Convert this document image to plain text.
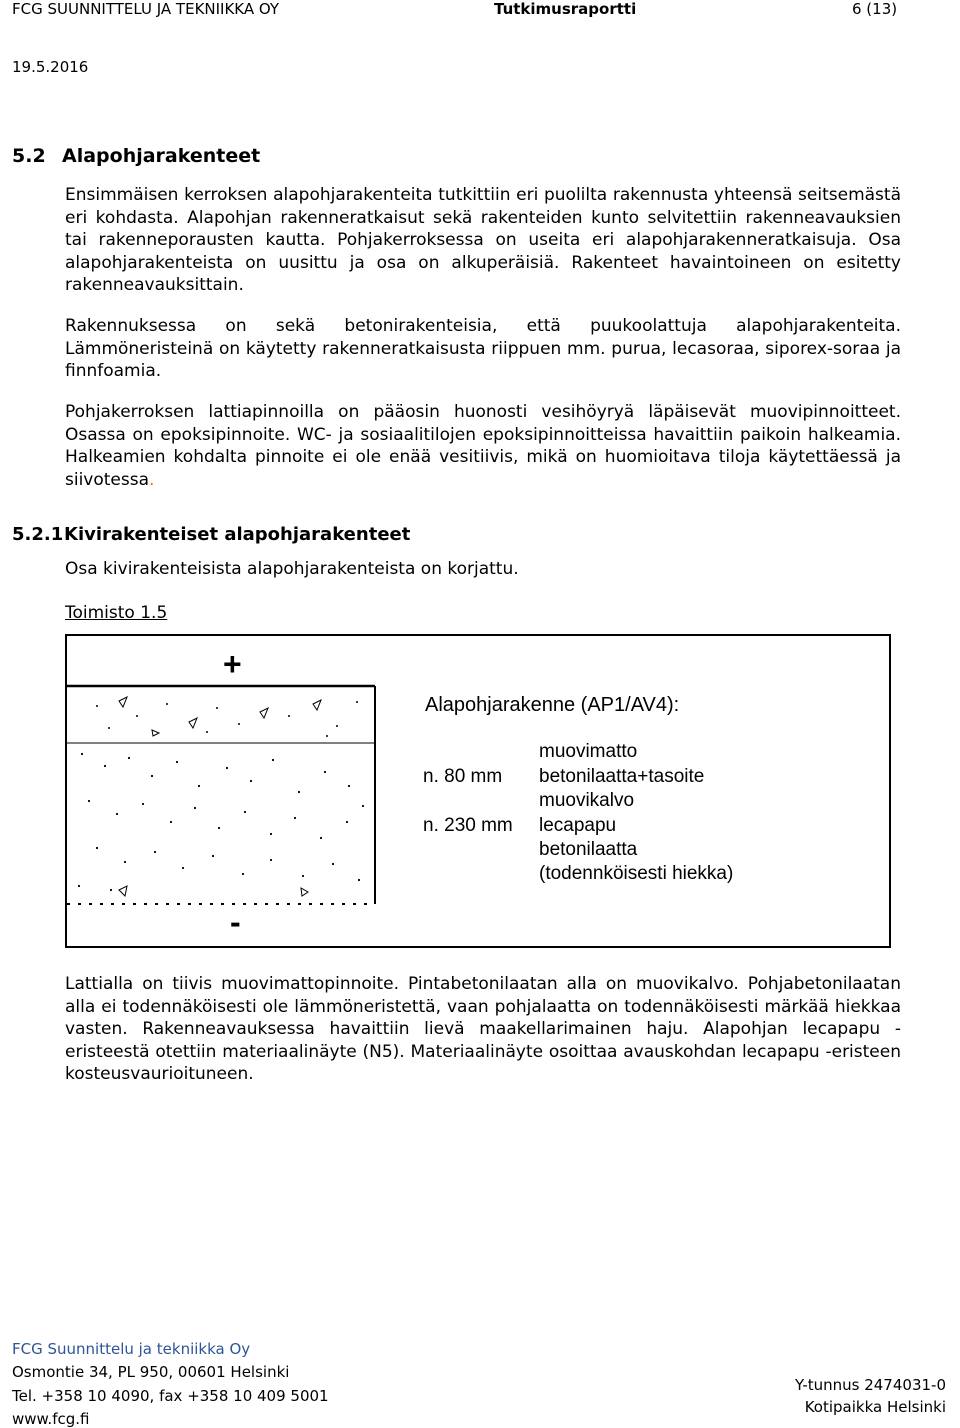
FCG SUUNNITTELU JA TEKNIIKKA OY	Tutkimusraportti	6 (13)
19.5.2016
5.2 Alapohjarakenteet

Ensimmäisen kerroksen alapohjarakenteita tutkittiin eri puolilta rakennusta yhteensä seitsemästä eri kohdasta. Alapohjan rakenneratkaisut sekä rakenteiden kunto selvitettiin rakenneavauksien tai rakenneporausten kautta. Pohjakerroksessa on useita eri alapohjarakenneratkaisuja. Osa alapohjarakenteista on uusittu ja osa on alkuperäisiä. Rakenteet havaintoineen on esitetty rakenneavauksittain.

Rakennuksessa on sekä betonirakenteisia, että puukoolattuja alapohjarakenteita. Lämmöneristeinä on käytetty rakenneratkaisusta riippuen mm. purua, lecasoraa, siporex-soraa ja finnfoamia.

Pohjakerroksen lattiapinnoilla on pääosin huonosti vesihöyryä läpäisevät muovipinnoitteet. Osassa on epoksipinnoite. WC- ja sosiaalitilojen epoksipinnoitteissa havaittiin paikoin halkeamia. Halkeamien kohdalta pinnoite ei ole enää vesitiivis, mikä on huomioitava tiloja käytettäessä ja siivotessa.

5.2.1Kivirakenteiset alapohjarakenteet
Osa kivirakenteisista alapohjarakenteista on korjattu.
Toimisto 1.5
+
-
Alapohjarakenne (AP1/AV4):
n. 80 mm
n. 230 mm
muovimatto
betonilaatta+tasoite
muovikalvo
lecapapu
betonilaatta
(todennköisesti hiekka)

Lattialla on tiivis muovimattopinnoite. Pintabetonilaatan alla on muovikalvo. Pohjabetonilaatan alla ei todennäköisesti ole lämmöneristettä, vaan pohjalaatta on todennäköisesti märkää hiekkaa vasten. Rakenneavauksessa havaittiin lievä maakellarimainen haju. Alapohjan lecapapu -eristeestä otettiin materiaalinäyte (N5). Materiaalinäyte osoittaa avauskohdan lecapapu -eristeen kosteusvaurioituneen.

FCG Suunnittelu ja tekniikka Oy
Osmontie 34, PL 950, 00601 Helsinki
Tel. +358 10 4090, fax +358 10 409 5001
www.fcg.fi
Y-tunnus 2474031-0
Kotipaikka Helsinki
